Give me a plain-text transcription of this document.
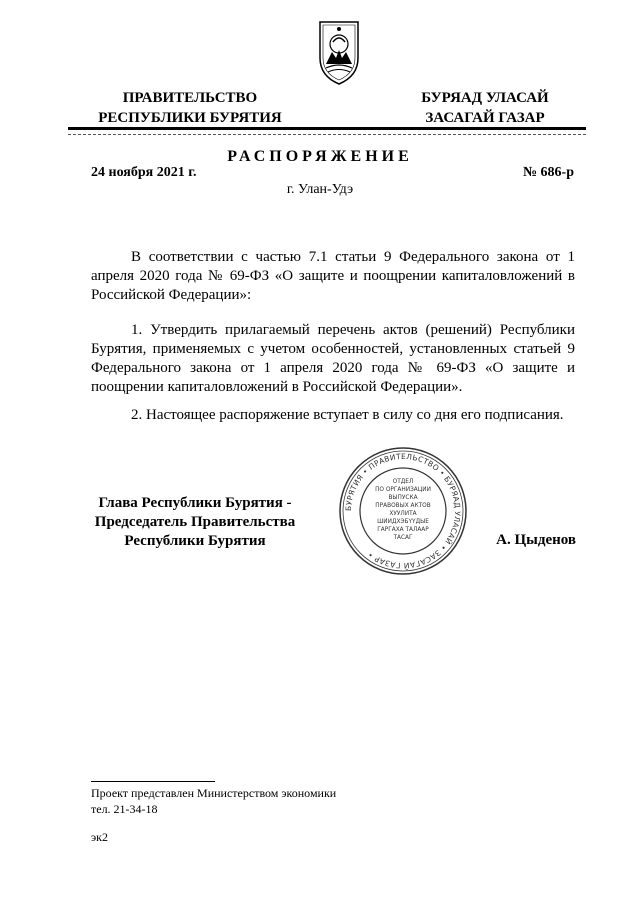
ПРАВИТЕЛЬСТВО
РЕСПУБЛИКИ БУРЯТИЯ
БУРЯАД УЛАСАЙ
ЗАСАГАЙ ГАЗАР
РАСПОРЯЖЕНИЕ
24 ноября 2021 г.	№ 686-р
г. Улан-Удэ
В соответствии с частью 7.1 статьи 9 Федерального закона от 1 апреля 2020 года № 69-ФЗ «О защите и поощрении капиталовложений в Российской Федерации»:
1. Утвердить прилагаемый перечень актов (решений) Республики Бурятия, применяемых с учетом особенностей, установленных статьей 9 Федерального закона от 1 апреля 2020 года № 69-ФЗ «О защите и поощрении капиталовложений в Российской Федерации».
2. Настоящее распоряжение вступает в силу со дня его подписания.
Глава Республики Бурятия -
Председатель Правительства
Республики Бурятия	А. Цыденов
БУРЯТИЯ • ПРАВИТЕЛЬСТВО • БУРЯАД УЛАСАЙ • ЗАСАГАЙ ГАЗАР •
ОТДЕЛ
ПО ОРГАНИЗАЦИИ
ВЫПУСКА
ПРАВОВЫХ АКТОВ
ХУУЛИТА
ШИИДХЭБҮҮДЫЕ
ГАРГАХА ТАЛААР
ТАСАГ
Проект представлен Министерством экономики
тел. 21-34-18
эк2
